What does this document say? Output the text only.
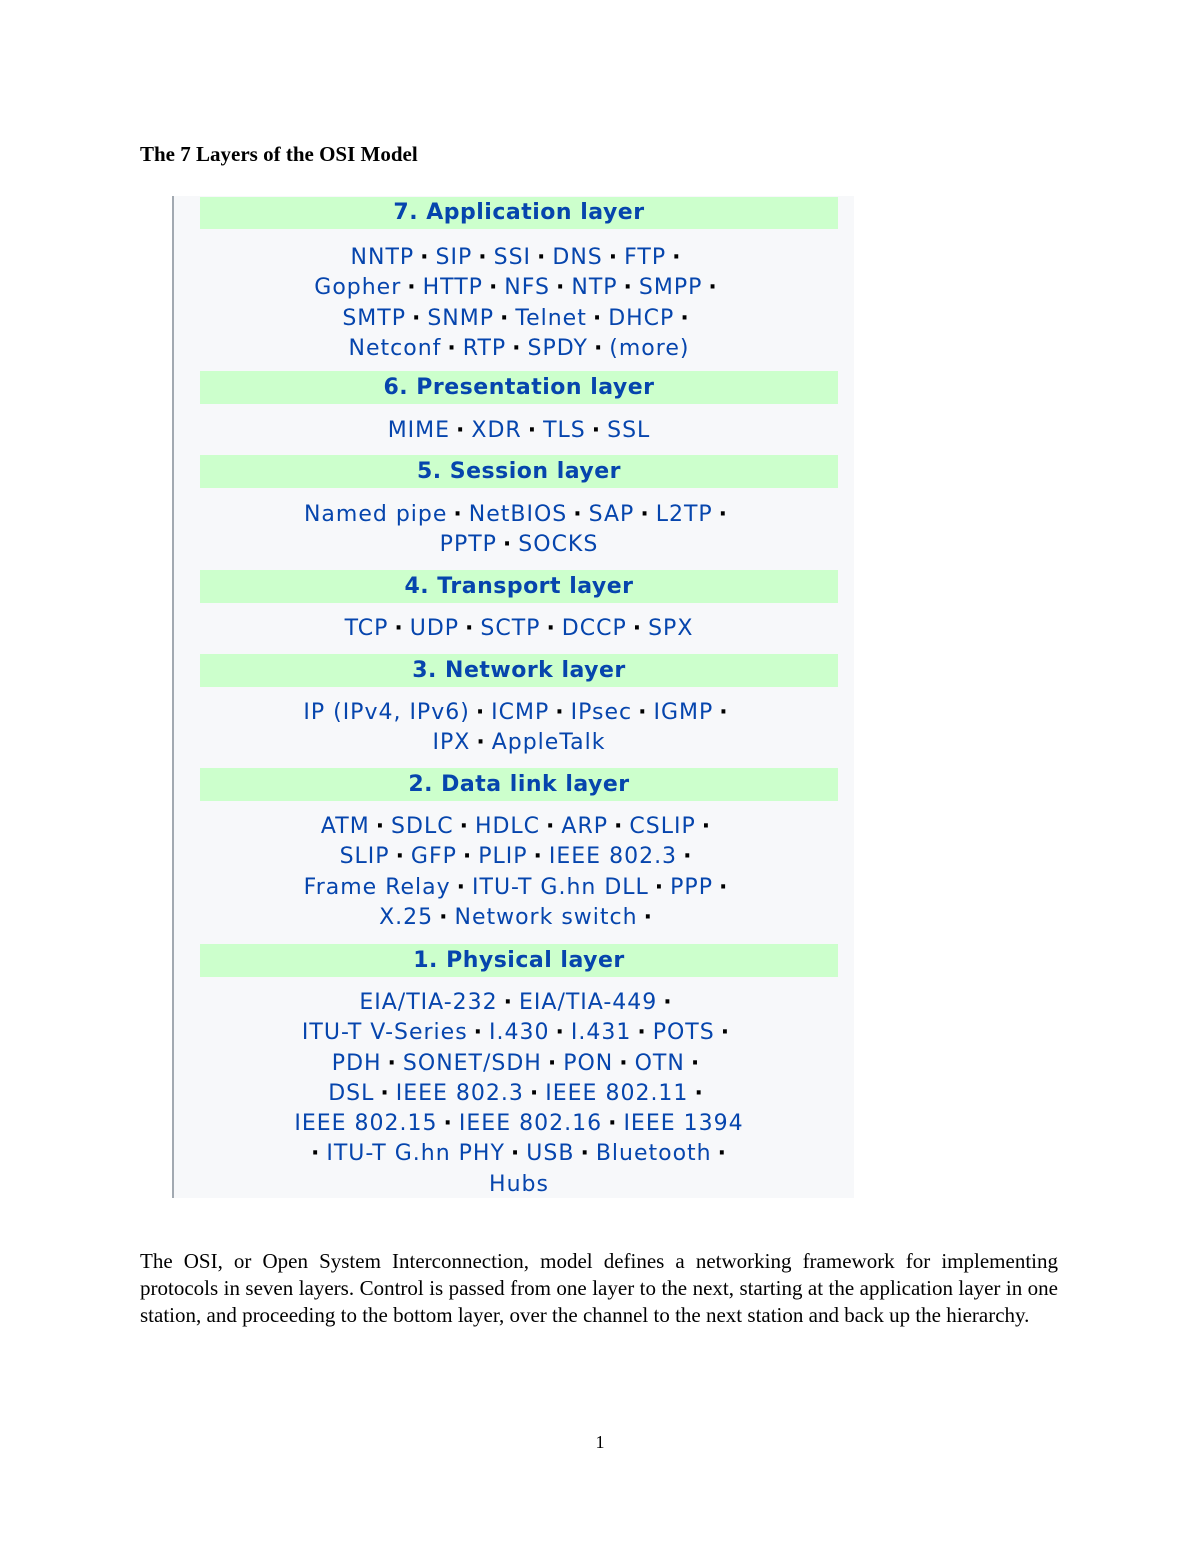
The 7 Layers of the OSI Model
7. Application layer
NNTP · SIP · SSI · DNS · FTP ·
Gopher · HTTP · NFS · NTP · SMPP ·
SMTP · SNMP · Telnet · DHCP ·
Netconf · RTP · SPDY · (more)
6. Presentation layer
MIME · XDR · TLS · SSL
5. Session layer
Named pipe · NetBIOS · SAP · L2TP ·
PPTP · SOCKS
4. Transport layer
TCP · UDP · SCTP · DCCP · SPX
3. Network layer
IP (IPv4, IPv6) · ICMP · IPsec · IGMP ·
IPX · AppleTalk
2. Data link layer
ATM · SDLC · HDLC · ARP · CSLIP ·
SLIP · GFP · PLIP · IEEE 802.3 ·
Frame Relay · ITU-T G.hn DLL · PPP ·
X.25 · Network switch ·
1. Physical layer
EIA/TIA-232 · EIA/TIA-449 ·
ITU-T V-Series · I.430 · I.431 · POTS ·
PDH · SONET/SDH · PON · OTN ·
DSL · IEEE 802.3 · IEEE 802.11 ·
IEEE 802.15 · IEEE 802.16 · IEEE 1394
· ITU-T G.hn PHY · USB · Bluetooth ·
Hubs

The OSI, or Open System Interconnection, model defines a networking framework for implementing protocols in seven layers. Control is passed from one layer to the next, starting at the application layer in one station, and proceeding to the bottom layer, over the channel to the next station and back up the hierarchy.

1
